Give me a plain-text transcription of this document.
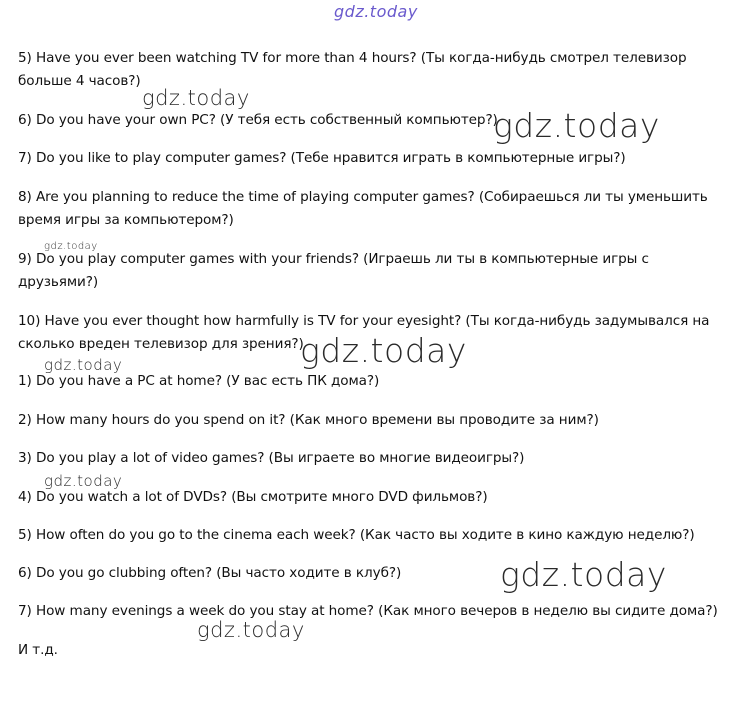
gdz.today
gdz.today
gdz.today
gdz.today
gdz.today
gdz.today
gdz.today
gdz.today
gdz.today

5) Have you ever been watching TV for more than 4 hours? (Ты когда-нибудь смотрел телевизор

больше 4 часов?)

6) Do you have your own PC? (У тебя есть собственный компьютер?)

7) Do you like to play computer games? (Тебе нравится играть в компьютерные игры?)

8) Are you planning to reduce the time of playing computer games? (Собираешься ли ты уменьшить

время игры за компьютером?)

9) Do you play computer games with your friends? (Играешь ли ты в компьютерные игры с

друзьями?)

10) Have you ever thought how harmfully is TV for your eyesight? (Ты когда-нибудь задумывался на

сколько вреден телевизор для зрения?)

1) Do you have a PC at home? (У вас есть ПК дома?)

2) How many hours do you spend on it? (Как много времени вы проводите за ним?)

3) Do you play a lot of video games? (Вы играете во многие видеоигры?)

4) Do you watch a lot of DVDs? (Вы смотрите много DVD фильмов?)

5) How often do you go to the cinema each week? (Как часто вы ходите в кино каждую неделю?)

6) Do you go clubbing often? (Вы часто ходите в клуб?)

7) How many evenings a week do you stay at home? (Как много вечеров в неделю вы сидите дома?)

И т.д.
